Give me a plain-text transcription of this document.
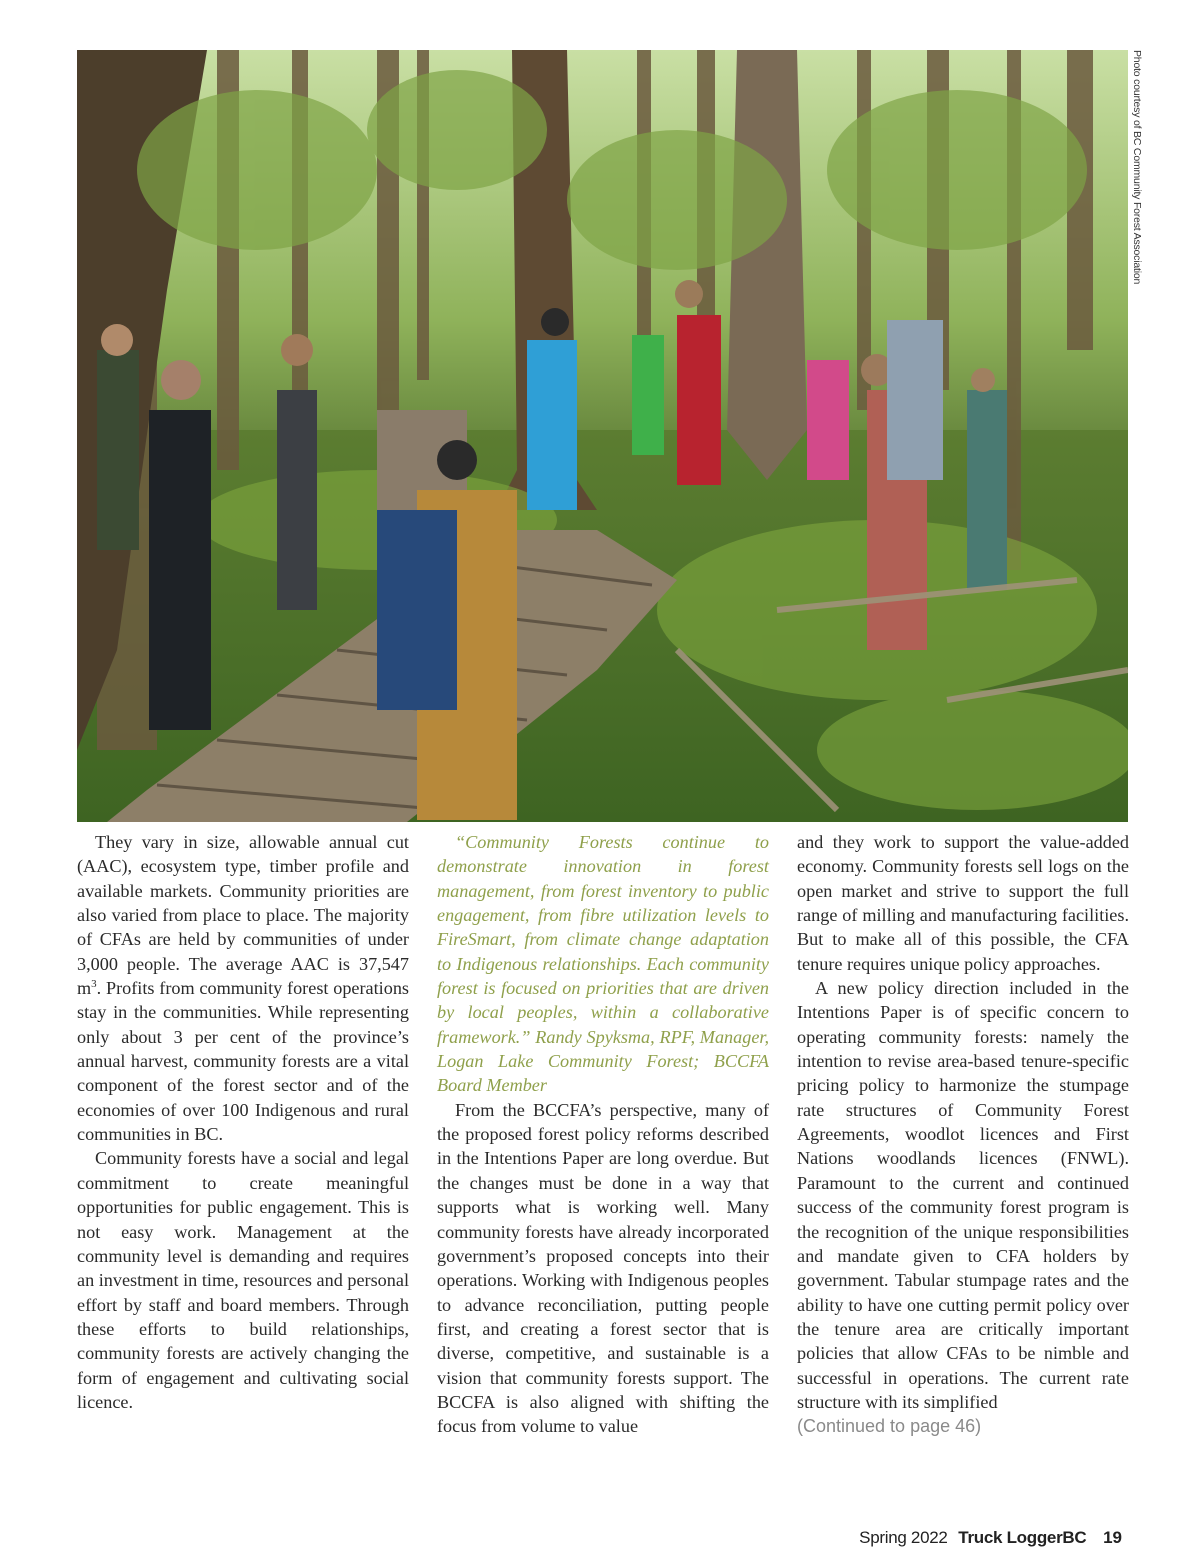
Photo courtesy of BC Community Forest Association

They vary in size, allowable annual cut (AAC), ecosystem type, timber profile and available markets. Community priorities are also varied from place to place. The majority of CFAs are held by communities of under 3,000 people. The average AAC is 37,547 $m^3$. Profits from community forest operations stay in the communities. While representing only about 3 per cent of the province’s annual harvest, community forests are a vital component of the forest sector and of the economies of over 100 Indigenous and rural communities in BC.

Community forests have a social and legal commitment to create meaningful opportunities for public engagement. This is not easy work. Management at the community level is demanding and requires an investment in time, resources and personal effort by staff and board members. Through these efforts to build relationships, community forests are actively changing the form of engagement and cultivating social licence.

“Community Forests continue to demonstrate innovation in forest management, from forest inventory to public engagement, from fibre utilization levels to FireSmart, from climate change adaptation to Indigenous relationships. Each community forest is focused on priorities that are driven by local peoples, within a collaborative framework.” Randy Spyksma, RPF, Manager, Logan Lake Community Forest; BCCFA Board Member

From the BCCFA’s perspective, many of the proposed forest policy reforms described in the Intentions Paper are long overdue. But the changes must be done in a way that supports what is working well. Many community forests have already incorporated government’s proposed concepts into their operations. Working with Indigenous peoples to advance reconciliation, putting people first, and creating a forest sector that is diverse, competitive, and sustainable is a vision that community forests support. The BCCFA is also aligned with shifting the focus from volume to value

and they work to support the value-added economy. Community forests sell logs on the open market and strive to support the full range of milling and manufacturing facilities. But to make all of this possible, the CFA tenure requires unique policy approaches.

A new policy direction included in the Intentions Paper is of specific concern to operating community forests: namely the intention to revise area-based tenure-specific pricing policy to harmonize the stumpage rate structures of Community Forest Agreements, woodlot licences and First Nations woodlands licences (FNWL). Paramount to the current and continued success of the community forest program is the recognition of the unique responsibilities and mandate given to CFA holders by government. Tabular stumpage rates and the ability to have one cutting permit policy over the tenure area are critically important policies that allow CFAs to be nimble and successful in operations. The current rate structure with its simplified

(Continued to page 46)

Spring 2022 Truck LoggerBC 19
